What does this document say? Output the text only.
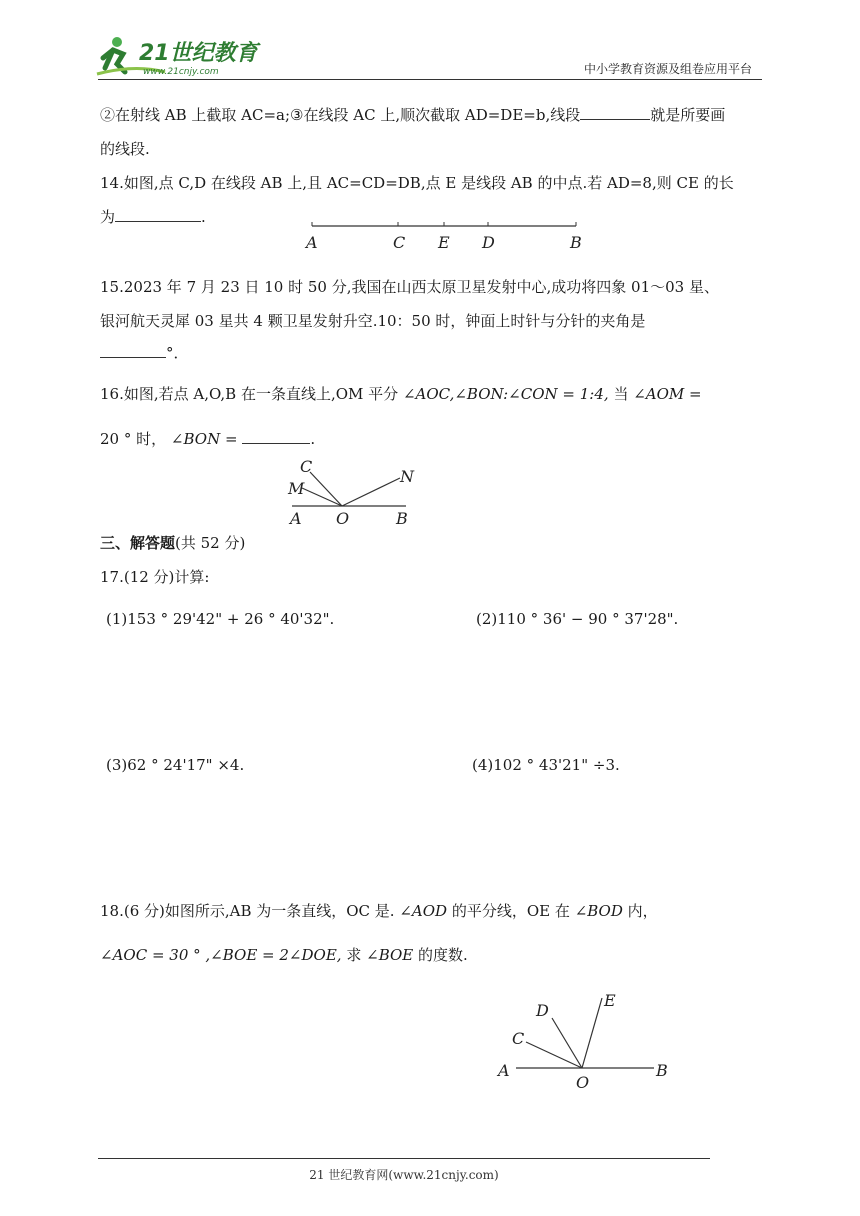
21世纪教育
www.21cnjy.com	中小学教育资源及组卷应用平台
②在射线 AB 上截取 AC=a;③在线段 AC 上,顺次截取 AD=DE=b,线段	就是所要画
的线段.
14.如图,点 C,D 在线段 AB 上,且 AC=CD=DB,点 E 是线段 AB 的中点.若 AD=8,则 CE 的长
为	.
A	C E D	B
15.2023 年 7 月 23 日 10 时 50 分,我国在山西太原卫星发射中心,成功将四象 01～03 星、
银河航天灵犀 03 星共 4 颗卫星发射升空.10：50 时，钟面上时针与分针的夹角是
°．
16.如图,若点 A,O,B 在一条直线上,OM 平分 ∠AOC,∠BON:∠CON = 1:4, 当 ∠AOM =
20 ° 时， ∠BON =	.
C
M
N
A O	B
三、解答题(共 52 分)
17.(12 分)计算:
(1)153 ° 29'42" + 26 ° 40'32".	(2)110 ° 36' − 90 ° 37'28".
(3)62 ° 24'17" ×4.	(4)102 ° 43'21" ÷3.
18.(6 分)如图所示,AB 为一条直线，OC 是. ∠AOD 的平分线，OE 在 ∠BOD 内，
∠AOC = 30 ° ,∠BOE = 2∠DOE, 求 ∠BOE 的度数.
D
E
C
A
O
B
21 世纪教育网(www.21cnjy.com)
